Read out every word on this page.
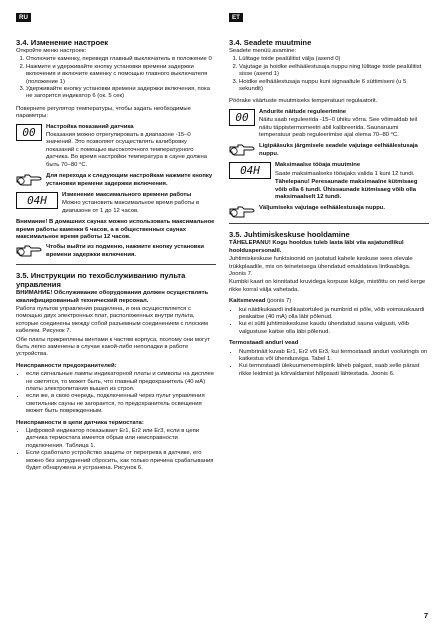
RU	ET
3.4. Изменение настроек

Откройте меню настроек:

1. Отключите каменку, переведя главный выключатель в положение 0
2. Нажмите и удерживайте кнопку установки времени задержки включения и включите каменку с помощью главного выключателя (положение 1)
3. Удерживайте кнопку установки времени задержки включения, пока не загорится индикатор 6 (ок. 5 сек)

Поверните регулятор температуры, чтобы задать необходимые параметры:

00	Настройка показаний датчика

Показания можно отрегулировать в диапазоне -15–0 значений. Это позволяет осуществлять калибровку показаний с помощью высокоточного температурного датчика. Во время настройки температура в сауне должна быть 70–80 °C.

Для перехода к следующим настройкам нажмите кнопку установки времени задержки включения.

04H	Изменение максимального времени работы

Можно установить максимальное время работы в диапазоне от 1 до 12 часов.

Внимание! В домашних саунах можно использовать максимальное время работы каменки 6 часов, а в общественных саунах максимальное время работы 12 часов.

Чтобы выйти из подменю, нажмите кнопку установки времени задержки включения.

3.5. Инструкции по техобслуживанию пульта управления

ВНИМАНИЕ! Обслуживание оборудования должен осуществлять квалифицированный технический персонал.

Работа пультов управления разделена, и она осуществляется с помощью двух электронных плат, расположенных внутри пульта, которые соединены между собой разъемным соединением с плоским кабелем. Рисунок 7.

Обе платы прикреплены винтами к частям корпуса, поэтому они могут быть легко заменены в случае какой-либо неполадки в работе устройства.

Неисправности предохранителей:

• если сигнальные лампы индикаторной платы и символы на дисплее не светятся, то может быть, что главный предохранитель (40 мА) платы электропитания вышел из строя.
• если же, в свою очередь, подключенный через пульт управления светильник сауны не загорается, то предохранитель освещения может быть поврежденным.

Неисправности в цепи датчика термостата:

• Цифровой индикатор показывает Er1, Er2 или Er3, если в цепи датчика термостата имеется обрыв или неисправности подключения. Таблица 1.
• Если сработало устройство защиты от перегрева в датчике, его можно без затруднений сбросить, как только причина срабатывания будет обнаружена и устранена. Рисунок 6.
3.4. Seadete muutmine

Seadete menüü avamine:

1. Lülitage toide pealülitist välja (asend 0)
2. Vajutage ja hoidke eelhäälestusaja nuppu ning lülitage toide pealülitist sisse (asend 1)
3. Hoidke eelhäälestusaja nuppu kuni signaaltule 6 süttimiseni (u 5 sekundit)

Pöörake väärtuste muutmiseks temperatuuri regulaatorit.

00	Andurite näitude reguleerimine

Näitu saab reguleerida -15–0 ühiku võrra. See võimaldab teil näitu täppistermomeetri abil kalibreerida. Saunaruumi temperatuur peab reguleerimise ajal olema 70–80 °C.

Ligipääsuks järgmisele seadele vajutage eelhäälestusaja nuppu.

04H	Maksimaalse tööaja muutmine

Saate maksimaalseks tööajaks valida 1 kuni 12 tundi.

Tähelepanu! Peresaunade maksimaalne kütmisaeg võib olla 6 tundi. Ühissaunade kütmisaeg võib olla maksimaalselt 12 tundi.

Väljumiseks vajutage eelhäälestusaja nuppu.

3.5. Juhtimiskeskuse hooldamine

TÄHELEPANU! Kogu hooldus tuleb lasta läbi viia asjatundlikul hoolduspersonalil.

Juhtimiskeskuse funktsioonid on jaotatud kahele keskuse sees olevale trükkplaadile, mis on teineteisega ühendatud emaldatava lintkaabliga. Joonis 7.

Kumbki kaart on kinnitatud kruvidega korpuse külge, mistõttu on neid kerge rikke korral välja vahetada.

Kaitsmevead (joonis 7)

• kui näidikukaardi indikaatortuled ja numbrid ei põle, võib voimsuskaardi peakaitse (40 mA) olla läbi põlenud.
• kui ei sütti juhtimiskeskuse kaudu ühendatud sauna valgusti, võib valgustuse kaitse olla läbi põlenud.

Termostaadi anduri vead

• Numbrinäit kuvab Er1, Er2 või Er3, kui termostaadi anduri vooluringis on katkestus või ühendusviga. Tabel 1.
• Kui termostaadi ülekuumenemispiirik läheb palgast, saab selle pärast rikke leidmist ja kõrvaldamist hõlpsasti lähtestada. Joonis 6.
7
